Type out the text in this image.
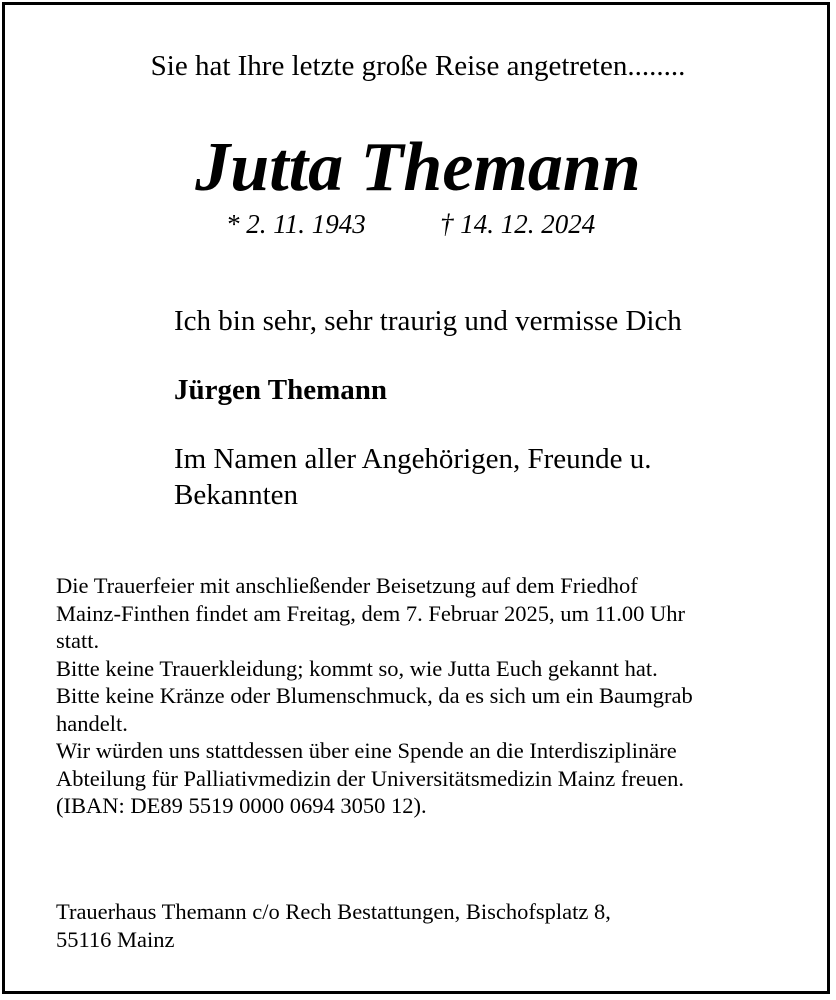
Sie hat Ihre letzte große Reise angetreten........
Jutta Themann
* 2. 11. 1943	† 14. 12. 2024
Ich bin sehr, sehr traurig und vermisse Dich
Jürgen Themann
Im Namen aller Angehörigen, Freunde u.
Bekannten
Die Trauerfeier mit anschließender Beisetzung auf dem Friedhof
Mainz-Finthen findet am Freitag, dem 7. Februar 2025, um 11.00 Uhr
statt.
Bitte keine Trauerkleidung; kommt so, wie Jutta Euch gekannt hat.
Bitte keine Kränze oder Blumenschmuck, da es sich um ein Baumgrab
handelt.
Wir würden uns stattdessen über eine Spende an die Interdisziplinäre
Abteilung für Palliativmedizin der Universitätsmedizin Mainz freuen.
(IBAN: DE89 5519 0000 0694 3050 12).
Trauerhaus Themann c/o Rech Bestattungen, Bischofsplatz 8,
55116 Mainz
